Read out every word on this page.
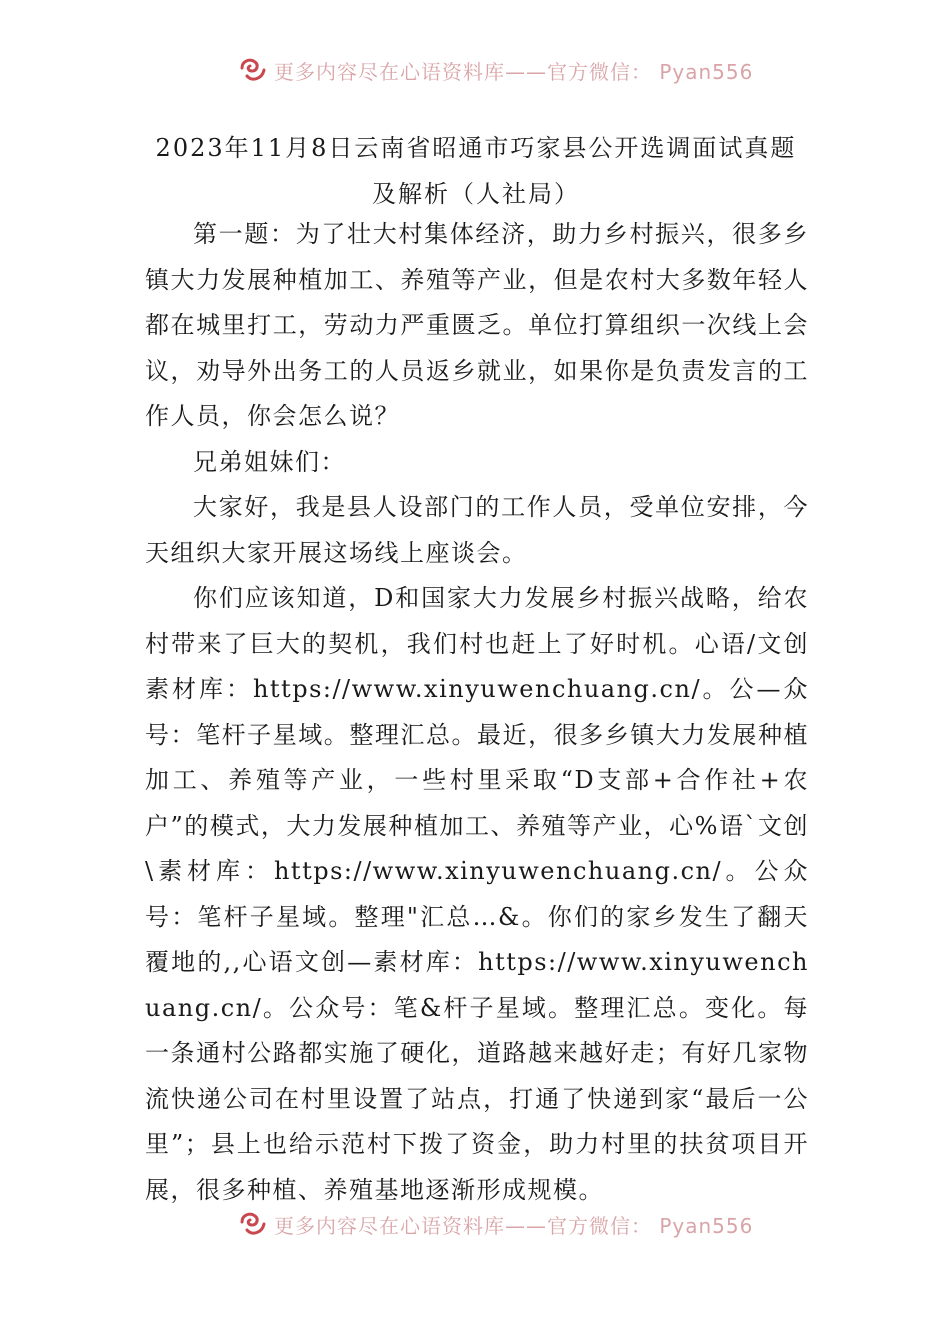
更多内容尽在心语资料库——官方微信： Pyan556
2023年11月8日云南省昭通市巧家县公开选调面试真题及解析（人社局）

第一题：为了壮大村集体经济，助力乡村振兴，很多乡镇大力发展种植加工、养殖等产业，但是农村大多数年轻人都在城里打工，劳动力严重匮乏。单位打算组织一次线上会议，劝导外出务工的人员返乡就业，如果你是负责发言的工作人员，你会怎么说？

兄弟姐妹们：

大家好，我是县人设部门的工作人员，受单位安排，今天组织大家开展这场线上座谈会。

你们应该知道，D和国家大力发展乡村振兴战略，给农村带来了巨大的契机，我们村也赶上了好时机。心语/文创素材库：https://www.xinyuwenchuang.cn/。公—众号：笔杆子星域。整理汇总。最近，很多乡镇大力发展种植加工、养殖等产业，一些村里采取“D支部+合作社+农户”的模式，大力发展种植加工、养殖等产业，心%语`文创\素材库：https://www.xinyuwenchuang.cn/。公众号：笔杆子星域。整理"汇总…&。你们的家乡发生了翻天覆地的,,心语文创—素材库：https://www.xinyuwenchuang.cn/。公众号：笔&杆子星域。整理汇总。变化。每一条通村公路都实施了硬化，道路越来越好走；有好几家物流快递公司在村里设置了站点，打通了快递到家“最后一公里”；县上也给示范村下拨了资金，助力村里的扶贫项目开展，很多种植、养殖基地逐渐形成规模。

更多内容尽在心语资料库——官方微信： Pyan556
